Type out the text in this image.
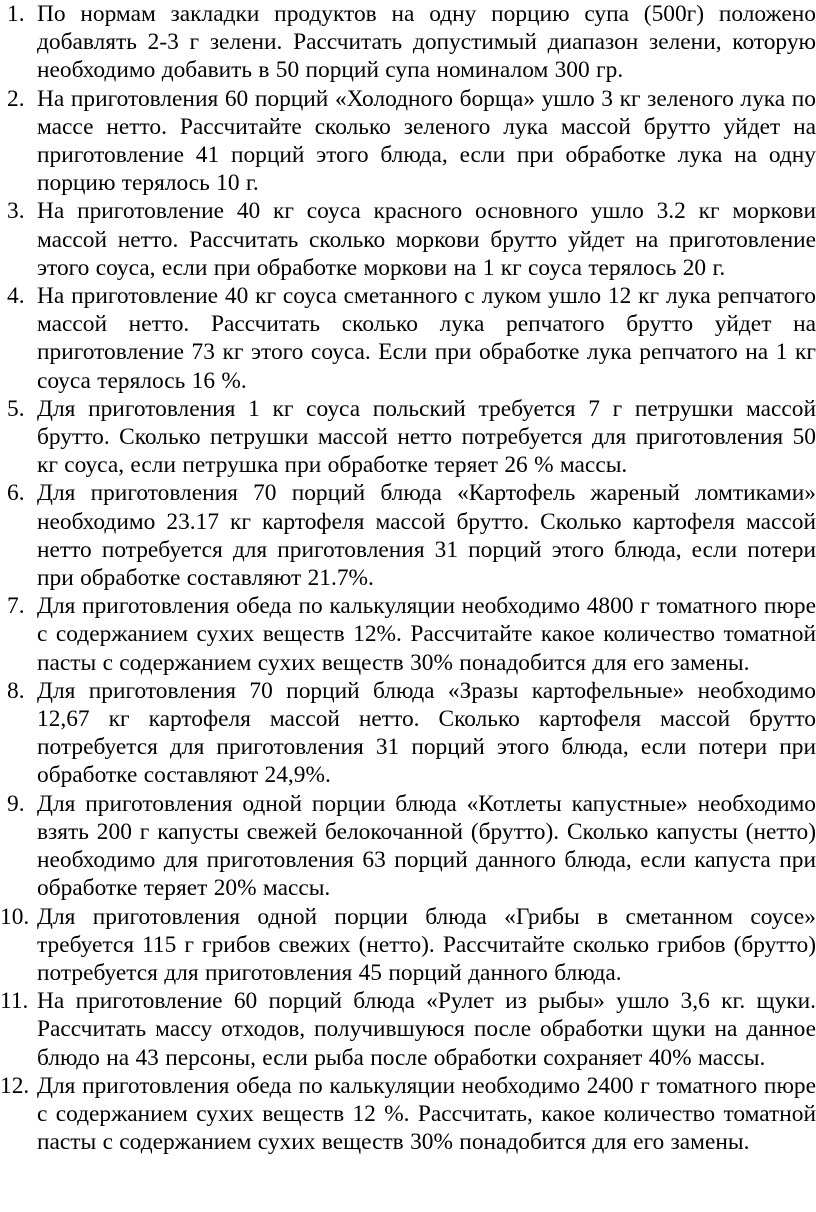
1. По нормам закладки продуктов на одну порцию супа (500г) положено добавлять 2-3 г зелени. Рассчитать допустимый диапазон зелени, которую необходимо добавить в 50 порций супа номиналом 300 гр.
2. На приготовления 60 порций «Холодного борща» ушло 3 кг зеленого лука по массе нетто. Рассчитайте сколько зеленого лука массой брутто уйдет на приготовление 41 порций этого блюда, если при обработке лука на одну порцию терялось 10 г.
3. На приготовление 40 кг соуса красного основного ушло 3.2 кг моркови массой нетто. Рассчитать сколько моркови брутто уйдет на приготовление этого соуса, если при обработке моркови на 1 кг соуса терялось 20 г.
4. На приготовление 40 кг соуса сметанного с луком ушло 12 кг лука репчатого массой нетто. Рассчитать сколько лука репчатого брутто уйдет на приготовление 73 кг этого соуса. Если при обработке лука репчатого на 1 кг соуса терялось 16 %.
5. Для приготовления 1 кг соуса польский требуется 7 г петрушки массой брутто. Сколько петрушки массой нетто потребуется для приготовления 50 кг соуса, если петрушка при обработке теряет 26 % массы.
6. Для приготовления 70 порций блюда «Картофель жареный ломтиками» необходимо 23.17 кг картофеля массой брутто. Сколько картофеля массой нетто потребуется для приготовления 31 порций этого блюда, если потери при обработке составляют 21.7%.
7. Для приготовления обеда по калькуляции необходимо 4800 г томатного пюре с содержанием сухих веществ 12%. Рассчитайте какое количество томатной пасты с содержанием сухих веществ 30% понадобится для его замены.
8. Для приготовления 70 порций блюда «Зразы картофельные» необходимо 12,67 кг картофеля массой нетто. Сколько картофеля массой брутто потребуется для приготовления 31 порций этого блюда, если потери при обработке составляют 24,9%.
9. Для приготовления одной порции блюда «Котлеты капустные» необходимо взять 200 г капусты свежей белокочанной (брутто). Сколько капусты (нетто) необходимо для приготовления 63 порций данного блюда, если капуста при обработке теряет 20% массы.
10. Для приготовления одной порции блюда «Грибы в сметанном соусе» требуется 115 г грибов свежих (нетто). Рассчитайте сколько грибов (брутто) потребуется для приготовления 45 порций данного блюда.
11. На приготовление 60 порций блюда «Рулет из рыбы» ушло 3,6 кг. щуки. Рассчитать массу отходов, получившуюся после обработки щуки на данное блюдо на 43 персоны, если рыба после обработки сохраняет 40% массы.
12. Для приготовления обеда по калькуляции необходимо 2400 г томатного пюре с содержанием сухих веществ 12 %. Рассчитать, какое количество томатной пасты с содержанием сухих веществ 30% понадобится для его замены.
